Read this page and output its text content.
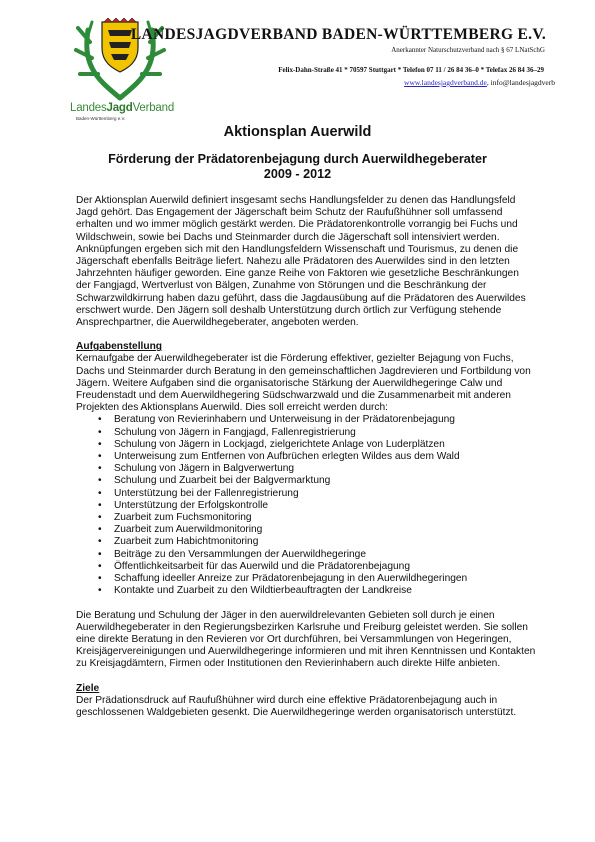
LandesJagdVerband
Baden-Württemberg e.V.
LANDESJAGDVERBAND BADEN-WÜRTTEMBERG E.V.
Anerkannter Naturschutzverband nach § 67 LNatSchG
Felix-Dahn-Straße 41 * 70597 Stuttgart * Telefon 07 11 / 26 84 36–0 * Telefax 26 84 36–29
www.landesjagdverband.de, info@landesjagdverb
Aktionsplan Auerwild
Förderung der Prädatorenbejagung durch Auerwildhegeberater
2009 - 2012

Der Aktionsplan Auerwild definiert insgesamt sechs Handlungsfelder zu denen das Handlungsfeld Jagd gehört. Das Engagement der Jägerschaft beim Schutz der Raufußhühner soll umfassend erhalten und wo immer möglich gestärkt werden. Die Prädatorenkontrolle vorrangig bei Fuchs und Wildschwein, sowie bei Dachs und Steinmarder durch die Jägerschaft soll intensiviert werden. Anknüpfungen ergeben sich mit den Handlungsfeldern Wissenschaft und Tourismus, zu denen die Jägerschaft ebenfalls Beiträge liefert. Nahezu alle Prädatoren des Auerwildes sind in den letzten Jahrzehnten häufiger geworden. Eine ganze Reihe von Faktoren wie gesetzliche Beschränkungen der Fangjagd, Wertverlust von Bälgen, Zunahme von Störungen und die Beschränkung der Schwarzwildkirrung haben dazu geführt, dass die Jagdausübung auf die Prädatoren des Auerwildes erschwert wurde. Den Jägern soll deshalb Unterstützung durch örtlich zur Verfügung stehende Ansprechpartner, die Auerwildhegeberater, angeboten werden.

Aufgabenstellung

Kernaufgabe der Auerwildhegeberater ist die Förderung effektiver, gezielter Bejagung von Fuchs, Dachs und Steinmarder durch Beratung in den gemeinschaftlichen Jagdrevieren und Fortbildung von Jägern. Weitere Aufgaben sind die organisatorische Stärkung der Auerwildhegeringe Calw und Freudenstadt und dem Auerwildhegering Südschwarzwald und die Zusammenarbeit mit anderen Projekten des Aktionsplans Auerwild. Dies soll erreicht werden durch:

• Beratung von Revierinhabern und Unterweisung in der Prädatorenbejagung
• Schulung von Jägern in Fangjagd, Fallenregistrierung
• Schulung von Jägern in Lockjagd, zielgerichtete Anlage von Luderplätzen
• Unterweisung zum Entfernen von Aufbrüchen erlegten Wildes aus dem Wald
• Schulung von Jägern in Balgverwertung
• Schulung und Zuarbeit bei der Balgvermarktung
• Unterstützung bei der Fallenregistrierung
• Unterstützung der Erfolgskontrolle
• Zuarbeit zum Fuchsmonitoring
• Zuarbeit zum Auerwildmonitoring
• Zuarbeit zum Habichtmonitoring
• Beiträge zu den Versammlungen der Auerwildhegeringe
• Öffentlichkeitsarbeit für das Auerwild und die Prädatorenbejagung
• Schaffung ideeller Anreize zur Prädatorenbejagung in den Auerwildhegeringen
• Kontakte und Zuarbeit zu den Wildtierbeauftragten der Landkreise

Die Beratung und Schulung der Jäger in den auerwildrelevanten Gebieten soll durch je einen Auerwildhegeberater in den Regierungsbezirken Karlsruhe und Freiburg geleistet werden. Sie sollen eine direkte Beratung in den Revieren vor Ort durchführen, bei Versammlungen von Hegeringen, Kreisjägervereinigungen und Auerwildhegeringe informieren und mit ihren Kenntnissen und Kontakten zu Kreisjagdämtern, Firmen oder Institutionen den Revierinhabern auch direkte Hilfe anbieten.

Ziele

Der Prädationsdruck auf Raufußhühner wird durch eine effektive Prädatorenbejagung auch in geschlossenen Waldgebieten gesenkt. Die Auerwildhegeringe werden organisatorisch unterstützt.
